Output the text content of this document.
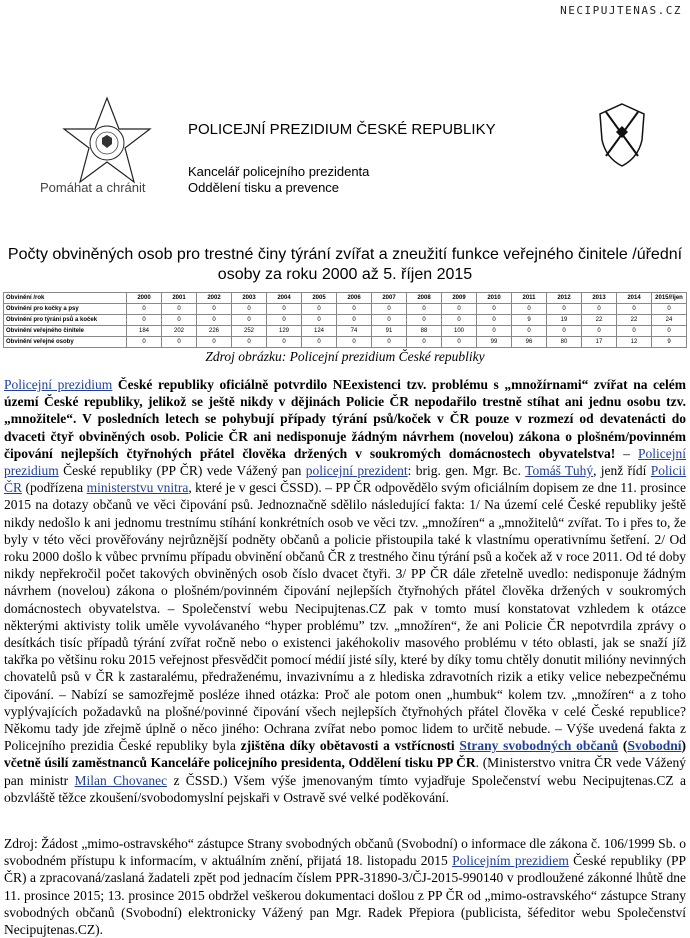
NECIPUJTENAS.CZ
Pomáhat a chránit
POLICEJNÍ PREZIDIUM ČESKÉ REPUBLIKY
Kancelář policejního prezidenta
Oddělení tisku a prevence
Počty obviněných osob pro trestné činy týrání zvířat a zneužití funkce veřejného činitele /úřední osoby za roku 2000 až 5. říjen 2015
Obvinění /rok	2000	2001	2002	2003	2004	2005	2006	2007	2008	2009	2010	2011	2012	2013	2014	2015/říjen
Obvinění pro kočky a psy	0	0	0	0	0	0	0	0	0	0	0	0	0	0	0	0
Obvinění pro týrání psů a koček	0	0	0	0	0	0	0	0	0	0	0	9	19	22	22	24
Obvinění veřejného činitele	184	202	226	252	129	124	74	91	88	100	0	0	0	0	0	0
Obvinění veřejné osoby	0	0	0	0	0	0	0	0	0	0	99	96	80	17	12	9
Zdroj obrázku: Policejní prezidium České republiky

Policejní prezidium České republiky oficiálně potvrdilo NEexistenci tzv. problému s „množírnami“ zvířat na celém území České republiky, jelikož se ještě nikdy v dějinách Policie ČR nepodařilo trestně stíhat ani jednu osobu tzv. „množitele“. V posledních letech se pohybují případy týrání psů/koček v ČR pouze v rozmezí od devatenácti do dvaceti čtyř obviněných osob. Policie ČR ani nedisponuje žádným návrhem (novelou) zákona o plošném/povinném čipování nejlepších čtyřnohých přátel člověka držených v soukromých domácnostech obyvatelstva! – Policejní prezidium České republiky (PP ČR) vede Vážený pan policejní prezident: brig. gen. Mgr. Bc. Tomáš Tuhý, jenž řídí Policii ČR (podřízena ministerstvu vnitra, které je v gesci ČSSD). – PP ČR odpovědělo svým oficiálním dopisem ze dne 11. prosince 2015 na dotazy občanů ve věci čipování psů. Jednoznačně sdělilo následující fakta: 1/ Na území celé České republiky ještě nikdy nedošlo k ani jednomu trestnímu stíhání konkrétních osob ve věci tzv. „množíren“ a „množitelů“ zvířat. To i přes to, že byly v této věci prověřovány nejrůznější podněty občanů a policie přistoupila také k vlastnímu operativnímu šetření. 2/ Od roku 2000 došlo k vůbec prvnímu případu obvinění občanů ČR z trestného činu týrání psů a koček až v roce 2011. Od té doby nikdy nepřekročil počet takových obviněných osob číslo dvacet čtyři. 3/ PP ČR dále zřetelně uvedlo: nedisponuje žádným návrhem (novelou) zákona o plošném/povinném čipování nejlepších čtyřnohých přátel člověka držených v soukromých domácnostech obyvatelstva. – Společenství webu Necipujtenas.CZ pak v tomto musí konstatovat vzhledem k otázce některými aktivisty tolik uměle vyvolávaného “hyper problému” tzv. „množíren“, že ani Policie ČR nepotvrdila zprávy o desítkách tisíc případů týrání zvířat ročně nebo o existenci jakéhokoliv masového problému v této oblasti, jak se snaží jíž takřka po většinu roku 2015 veřejnost přesvědčit pomocí médií jisté síly, které by díky tomu chtěly donutit milióny nevinných chovatelů psů v ČR k zastaralému, předraženému, invazivnímu a z hlediska zdravotních rizik a etiky velice nebezpečnému čipování. – Nabízí se samozřejmě posléze ihned otázka: Proč ale potom onen „humbuk“ kolem tzv. „množíren“ a z toho vyplývajících požadavků na plošné/povinné čipování všech nejlepších čtyřnohých přátel člověka v celé České republice? Někomu tady jde zřejmě úplně o něco jiného: Ochrana zvířat nebo pomoc lidem to určitě nebude. – Výše uvedená fakta z Policejního prezidia České republiky byla zjištěna díky obětavosti a vstřícnosti Strany svobodných občanů (Svobodní) včetně úsilí zaměstnanců Kanceláře policejního presidenta, Oddělení tisku PP ČR. (Ministerstvo vnitra ČR vede Vážený pan ministr Milan Chovanec z ČSSD.) Všem výše jmenovaným tímto vyjadřuje Společenství webu Necipujtenas.CZ a obzvláště těžce zkoušení/svobodomyslní pejskaři v Ostravě své velké poděkování.

Zdroj: Žádost „mimo-ostravského“ zástupce Strany svobodných občanů (Svobodní) o informace dle zákona č. 106/1999 Sb. o svobodném přístupu k informacím, v aktuálním znění, přijatá 18. listopadu 2015 Policejním prezidiem České republiky (PP ČR) a zpracovaná/zaslaná žadateli zpět pod jednacím číslem PPR-31890-3/ČJ-2015-990140 v prodloužené zákonné lhůtě dne 11. prosince 2015; 13. prosince 2015 obdržel veškerou dokumentaci došlou z PP ČR od „mimo-ostravského“ zástupce Strany svobodných občanů (Svobodní) elektronicky Vážený pan Mgr. Radek Přepiora (publicista, šéfeditor webu Společenství Necipujtenas.CZ).
